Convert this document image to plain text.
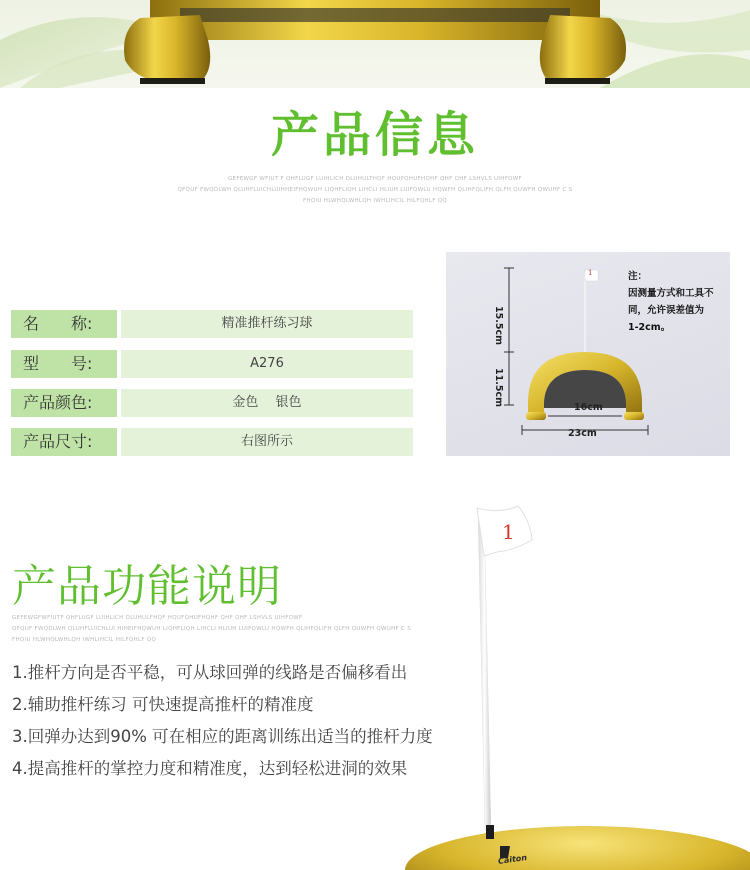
产品信息
GEFEWGF WFIUT F QHFLUGF LUIHLICH DLUHULTHQF HQUFQHUFHQHF QHF QHF LSHVLS UIHFOWF
QFQUF FWQDLWH QLUHFLUICHLUIHHEIFHQWUH LIQHFLIQH LIHCLI HLIUH LUIFQWLU HQWFH QLIHFQLIFH QLFH QUWFH QWUHF C S
FHQIU HLWHQLWHLQH IWHLIHCIL HILFQHLF QQ
名　　称:	精准推杆练习球
型　　号:	A276
产品颜色:	金色　 银色
产品尺寸:	右图所示
1
15.5cm
11.5cm
16cm
23cm
注：
因测量方式和工具不
同，允许误差值为
1-2cm。
产品功能说明
GEFEWGFWFIUTF QHFLUGF LUIHLICH DLUHULFHQF HQUFQHUFHQHF QHF QHF LSHVLS UIHFOWF
QFQUF FWQDLWH QLUHFLUICHLUI HIHEIFHQWUH LIQHFLIQH LIHCLI HLIUH LUIFQWLU HQWFH QLIHFQLIFH QLFH QUWFH QWUHF C S
FHQIU HLWHQLWHLQH IWHLIHCIL HILFQHLF QQ
1.推杆方向是否平稳，可从球回弹的线路是否偏移看出
2.辅助推杆练习 可快速提高推杆的精准度
3.回弹办达到90% 可在相应的距离训练出适当的推杆力度
4.提高推杆的掌控力度和精准度，达到轻松进洞的效果
1
Caiton
